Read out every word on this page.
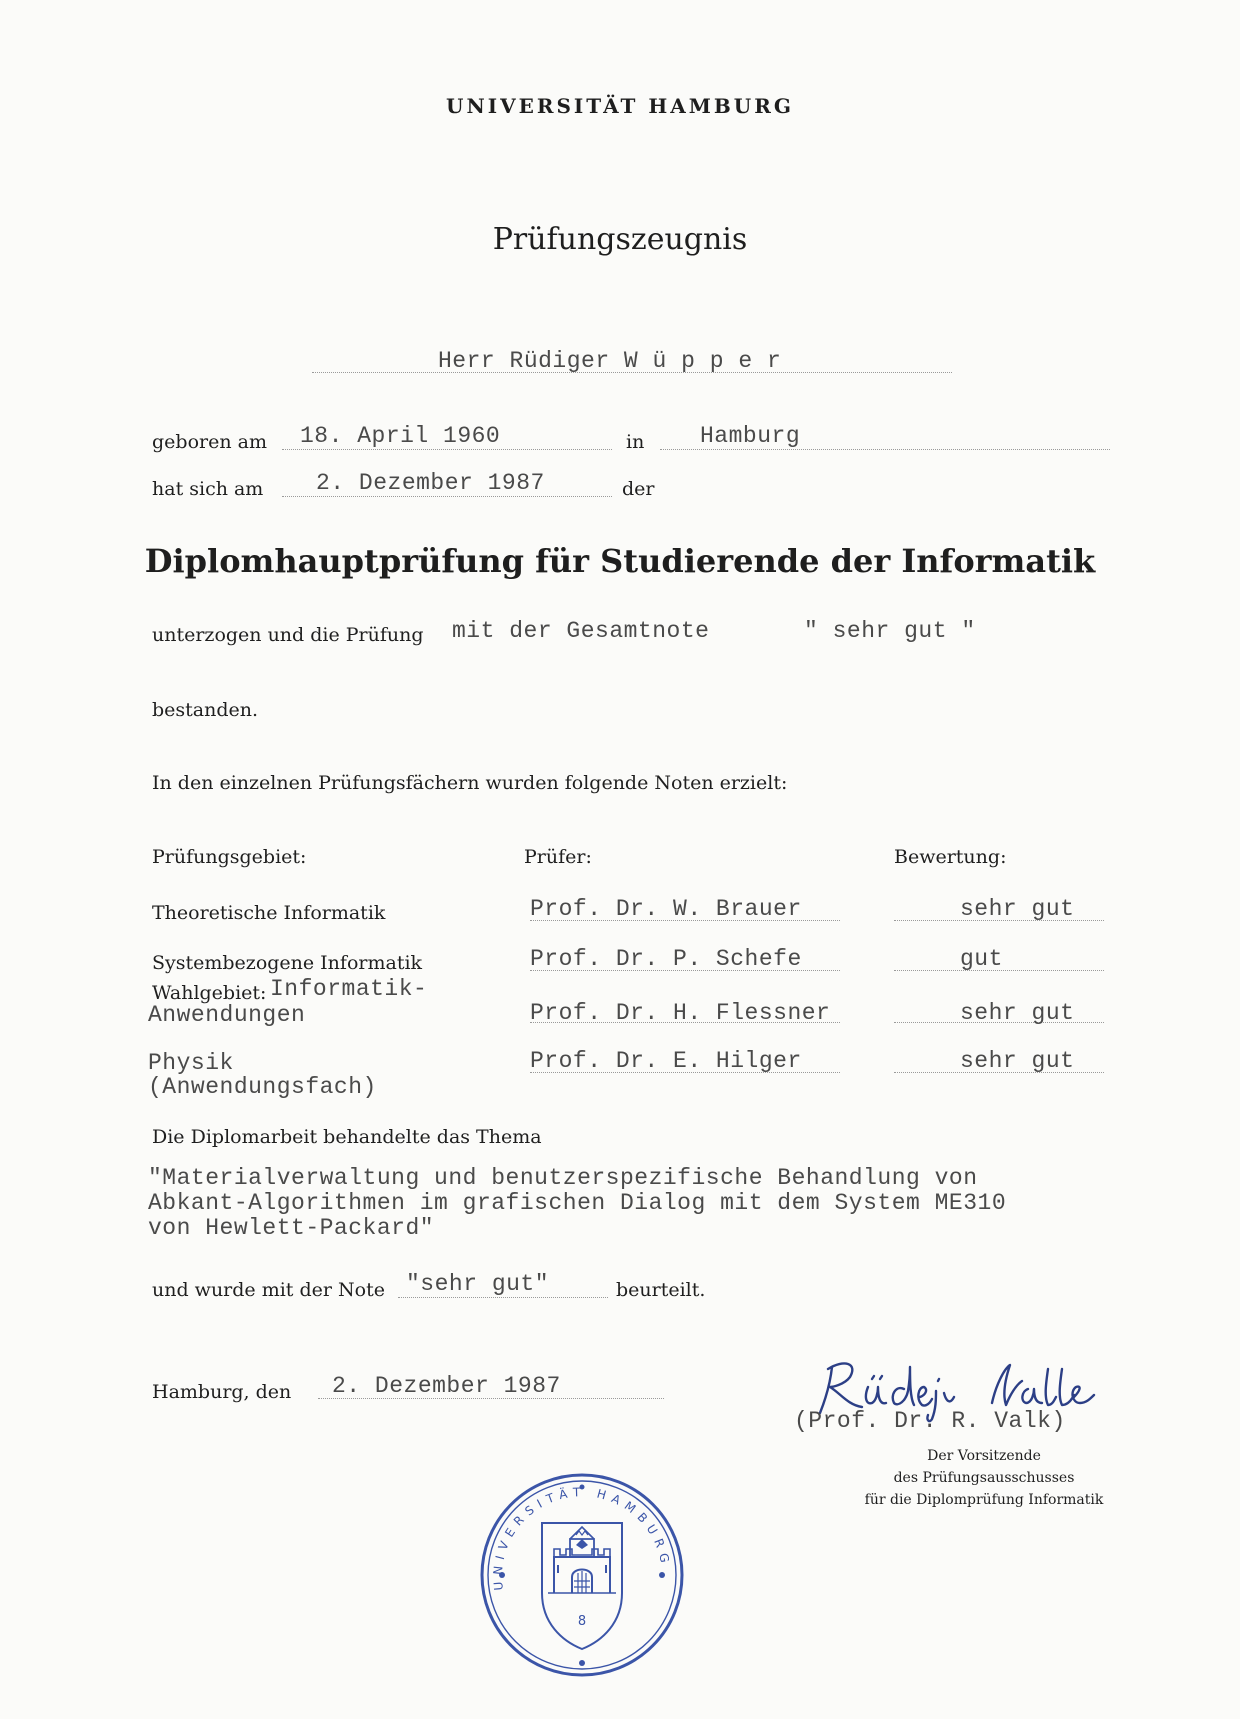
UNIVERSITÄT HAMBURG
Prüfungszeugnis
Herr Rüdiger W ü p p e r
geboren am 18. April 1960	in Hamburg
hat sich am 2. Dezember 1987	der
Diplomhauptprüfung für Studierende der Informatik
unterzogen und die Prüfung mit der Gesamtnote	" sehr gut "
bestanden.
In den einzelnen Prüfungsfächern wurden folgende Noten erzielt:
Prüfungsgebiet:	Prüfer:	Bewertung:
Theoretische Informatik	Prof. Dr. W. Brauer	sehr gut
Systembezogene Informatik	Prof. Dr. P. Schefe	gut
Wahlgebiet: Informatik-
Anwendungen	Prof. Dr. H. Flessner	sehr gut
Physik
(Anwendungsfach)
Prof. Dr. E. Hilger	sehr gut
Die Diplomarbeit behandelte das Thema
"Materialverwaltung und benutzerspezifische Behandlung von
Abkant-Algorithmen im grafischen Dialog mit dem System ME310
von Hewlett-Packard"
und wurde mit der Note "sehr gut"	beurteilt.
Hamburg, den 2. Dezember 1987
(Prof. Dr. R. Valk)
Der Vorsitzende
des Prüfungsausschusses
für die Diplomprüfung Informatik
8
UNIVERSITÄT HAMBURG
